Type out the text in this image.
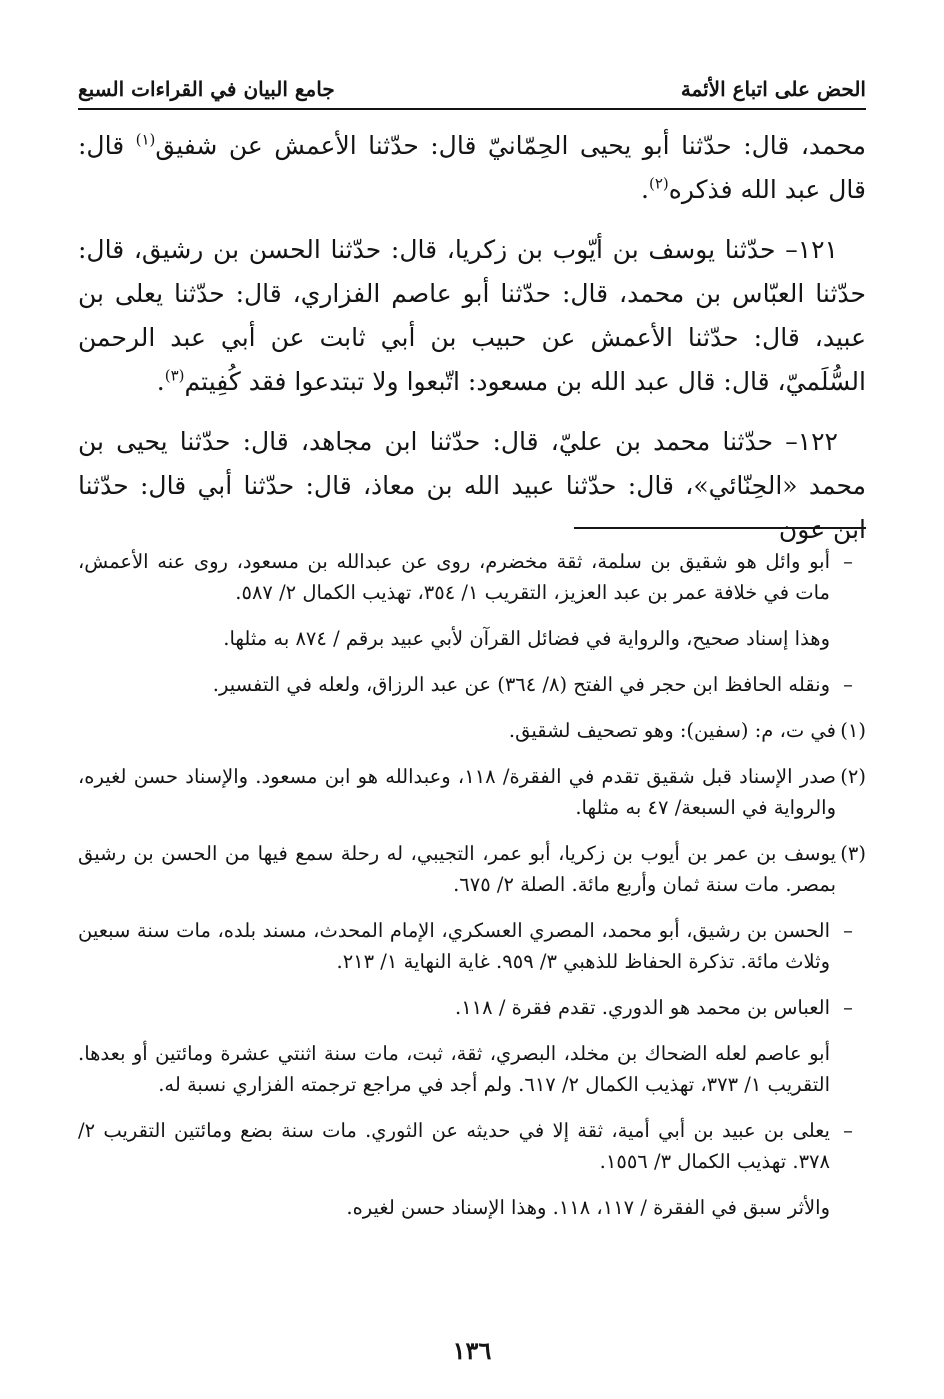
الحض على اتباع الأئمة
جامع البيان في القراءات السبع

محمد، قال: حدّثنا أبو يحيى الحِمّانيّ قال: حدّثنا الأعمش عن شفيق$^{(١)}$ قال: قال عبد الله فذكره$^{(٢)}$.

١٢١– حدّثنا يوسف بن أيّوب بن زكريا، قال: حدّثنا الحسن بن رشيق، قال: حدّثنا العبّاس بن محمد، قال: حدّثنا أبو عاصم الفزاري، قال: حدّثنا يعلى بن عبيد، قال: حدّثنا الأعمش عن حبيب بن أبي ثابت عن أبي عبد الرحمن السُّلَميّ، قال: قال عبد الله بن مسعود: اتّبعوا ولا تبتدعوا فقد كُفِيتم$^{(٣)}$.

١٢٢– حدّثنا محمد بن عليّ، قال: حدّثنا ابن مجاهد، قال: حدّثنا يحيى بن محمد «الحِنّائي»، قال: حدّثنا عبيد الله بن معاذ، قال: حدّثنا أبي قال: حدّثنا ابن عون

–
أبو وائل هو شقيق بن سلمة، ثقة مخضرم، روى عن عبدالله بن مسعود، روى عنه الأعمش، مات في خلافة عمر بن عبد العزيز، التقريب ١/ ٣٥٤، تهذيب الكمال ٢/ ٥٨٧.
وهذا إسناد صحيح، والرواية في فضائل القرآن لأبي عبيد برقم / ٨٧٤ به مثلها.
–
ونقله الحافظ ابن حجر في الفتح (٨/ ٣٦٤) عن عبد الرزاق، ولعله في التفسير.
(١)
في ت، م: (سفين): وهو تصحيف لشقيق.
(٢)
صدر الإسناد قبل شقيق تقدم في الفقرة/ ١١٨، وعبدالله هو ابن مسعود. والإسناد حسن لغيره، والرواية في السبعة/ ٤٧ به مثلها.
(٣)
يوسف بن عمر بن أيوب بن زكريا، أبو عمر، التجيبي، له رحلة سمع فيها من الحسن بن رشيق بمصر. مات سنة ثمان وأربع مائة. الصلة ٢/ ٦٧٥.
–
الحسن بن رشيق، أبو محمد، المصري العسكري، الإمام المحدث، مسند بلده، مات سنة سبعين وثلاث مائة. تذكرة الحفاظ للذهبي ٣/ ٩٥٩. غاية النهاية ١/ ٢١٣.
–
العباس بن محمد هو الدوري. تقدم فقرة / ١١٨.
أبو عاصم لعله الضحاك بن مخلد، البصري، ثقة، ثبت، مات سنة اثنتي عشرة ومائتين أو بعدها. التقريب ١/ ٣٧٣، تهذيب الكمال ٢/ ٦١٧. ولم أجد في مراجع ترجمته الفزاري نسبة له.
–
يعلى بن عبيد بن أبي أمية، ثقة إلا في حديثه عن الثوري. مات سنة بضع ومائتين التقريب ٢/ ٣٧٨. تهذيب الكمال ٣/ ١٥٥٦.
والأثر سبق في الفقرة / ١١٧، ١١٨. وهذا الإسناد حسن لغيره.
١٣٦
